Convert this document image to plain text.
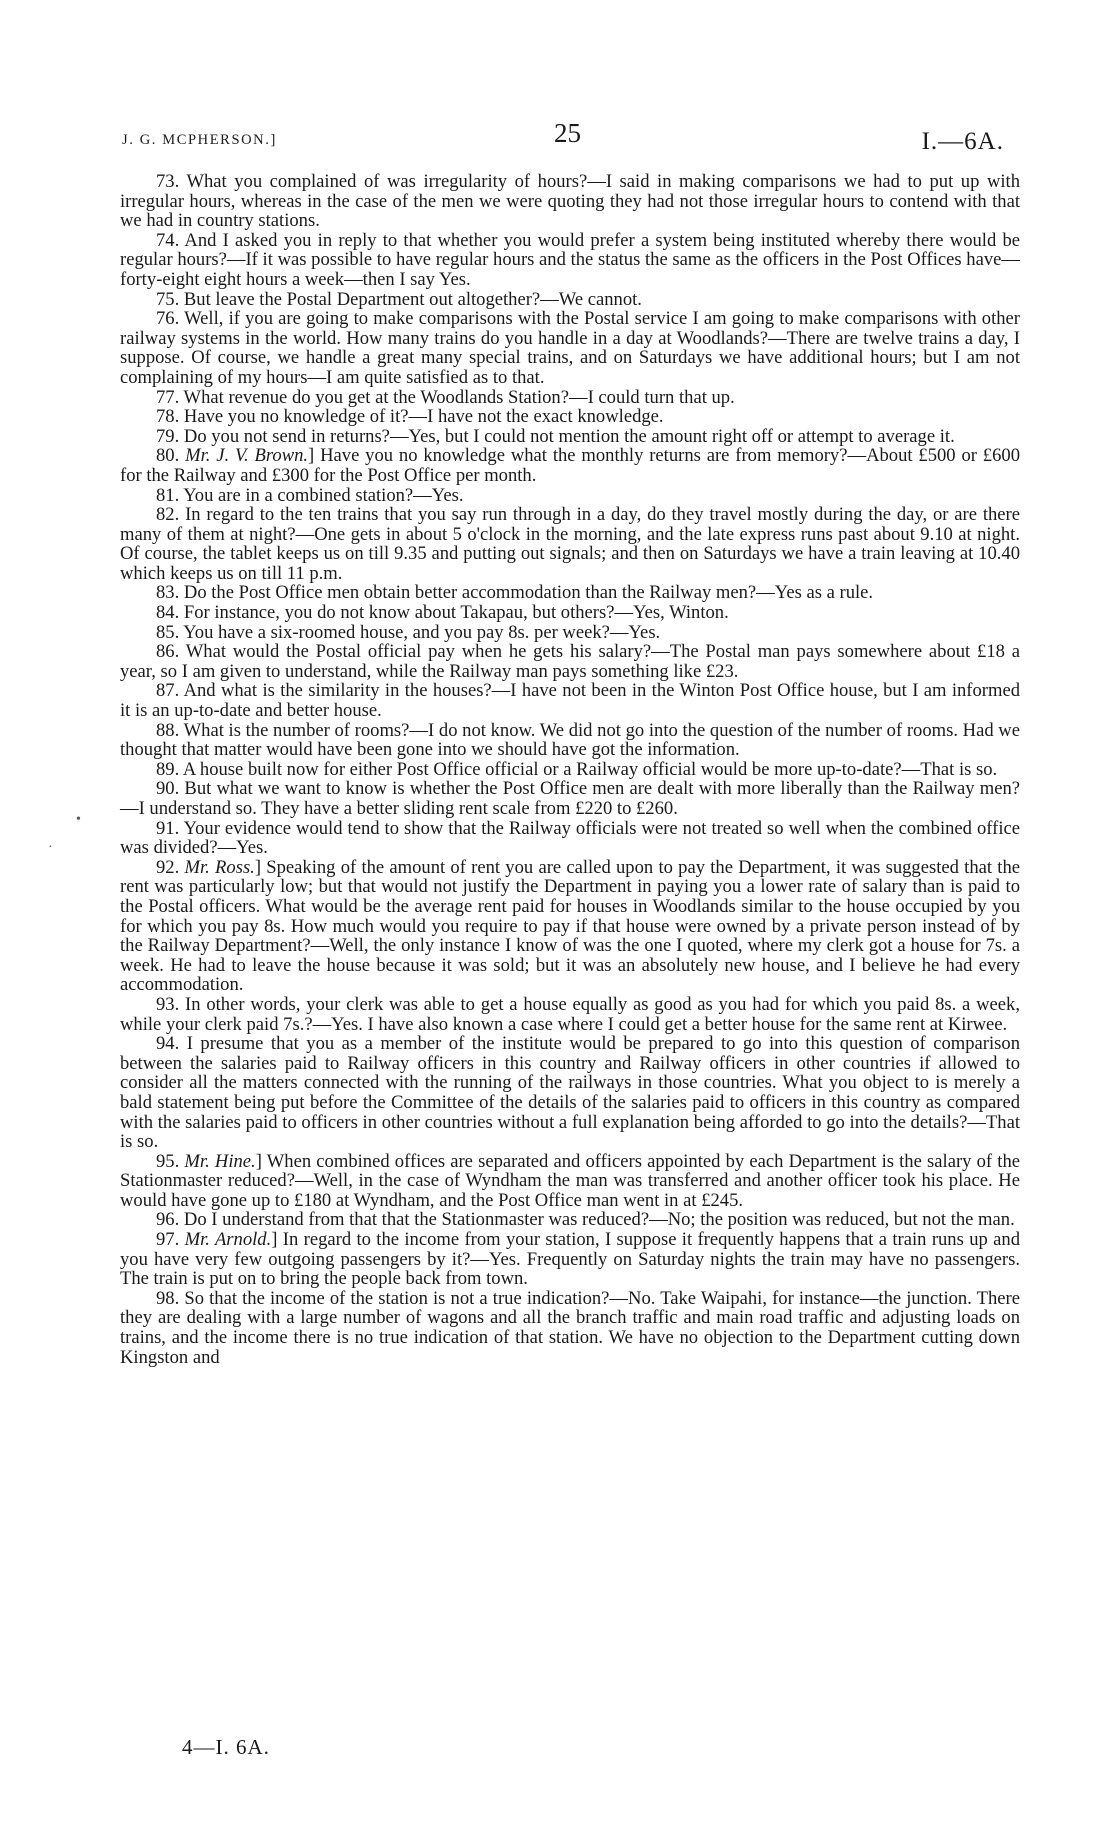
J. G. MCPHERSON.]	25	I.—6A.
•
·

73. What you complained of was irregularity of hours?—I said in making comparisons we had to put up with irregular hours, whereas in the case of the men we were quoting they had not those irregular hours to contend with that we had in country stations.

74. And I asked you in reply to that whether you would prefer a system being instituted whereby there would be regular hours?—If it was possible to have regular hours and the status the same as the officers in the Post Offices have—forty-eight eight hours a week—then I say Yes.

75. But leave the Postal Department out altogether?—We cannot.

76. Well, if you are going to make comparisons with the Postal service I am going to make comparisons with other railway systems in the world. How many trains do you handle in a day at Woodlands?—There are twelve trains a day, I suppose. Of course, we handle a great many special trains, and on Saturdays we have additional hours; but I am not complaining of my hours—I am quite satisfied as to that.

77. What revenue do you get at the Woodlands Station?—I could turn that up.

78. Have you no knowledge of it?—I have not the exact knowledge.

79. Do you not send in returns?—Yes, but I could not mention the amount right off or attempt to average it.

80. Mr. J. V. Brown.] Have you no knowledge what the monthly returns are from memory?—About £500 or £600 for the Railway and £300 for the Post Office per month.

81. You are in a combined station?—Yes.

82. In regard to the ten trains that you say run through in a day, do they travel mostly during the day, or are there many of them at night?—One gets in about 5 o'clock in the morning, and the late express runs past about 9.10 at night. Of course, the tablet keeps us on till 9.35 and putting out signals; and then on Saturdays we have a train leaving at 10.40 which keeps us on till 11 p.m.

83. Do the Post Office men obtain better accommodation than the Railway men?—Yes as a rule.

84. For instance, you do not know about Takapau, but others?—Yes, Winton.

85. You have a six-roomed house, and you pay 8s. per week?—Yes.

86. What would the Postal official pay when he gets his salary?—The Postal man pays somewhere about £18 a year, so I am given to understand, while the Railway man pays something like £23.

87. And what is the similarity in the houses?—I have not been in the Winton Post Office house, but I am informed it is an up-to-date and better house.

88. What is the number of rooms?—I do not know. We did not go into the question of the number of rooms. Had we thought that matter would have been gone into we should have got the information.

89. A house built now for either Post Office official or a Railway official would be more up-to-date?—That is so.

90. But what we want to know is whether the Post Office men are dealt with more liberally than the Railway men?—I understand so. They have a better sliding rent scale from £220 to £260.

91. Your evidence would tend to show that the Railway officials were not treated so well when the combined office was divided?—Yes.

92. Mr. Ross.] Speaking of the amount of rent you are called upon to pay the Department, it was suggested that the rent was particularly low; but that would not justify the Department in paying you a lower rate of salary than is paid to the Postal officers. What would be the average rent paid for houses in Woodlands similar to the house occupied by you for which you pay 8s. How much would you require to pay if that house were owned by a private person instead of by the Railway Department?—Well, the only instance I know of was the one I quoted, where my clerk got a house for 7s. a week. He had to leave the house because it was sold; but it was an absolutely new house, and I believe he had every accommodation.

93. In other words, your clerk was able to get a house equally as good as you had for which you paid 8s. a week, while your clerk paid 7s.?—Yes. I have also known a case where I could get a better house for the same rent at Kirwee.

94. I presume that you as a member of the institute would be prepared to go into this question of comparison between the salaries paid to Railway officers in this country and Railway officers in other countries if allowed to consider all the matters connected with the running of the railways in those countries. What you object to is merely a bald statement being put before the Committee of the details of the salaries paid to officers in this country as compared with the salaries paid to officers in other countries without a full explanation being afforded to go into the details?—That is so.

95. Mr. Hine.] When combined offices are separated and officers appointed by each Department is the salary of the Stationmaster reduced?—Well, in the case of Wyndham the man was transferred and another officer took his place. He would have gone up to £180 at Wyndham, and the Post Office man went in at £245.

96. Do I understand from that that the Stationmaster was reduced?—No; the position was reduced, but not the man.

97. Mr. Arnold.] In regard to the income from your station, I suppose it frequently happens that a train runs up and you have very few outgoing passengers by it?—Yes. Frequently on Saturday nights the train may have no passengers. The train is put on to bring the people back from town.

98. So that the income of the station is not a true indication?—No. Take Waipahi, for instance—the junction. There they are dealing with a large number of wagons and all the branch traffic and main road traffic and adjusting loads on trains, and the income there is no true indication of that station. We have no objection to the Department cutting down Kingston and

4—I. 6A.
